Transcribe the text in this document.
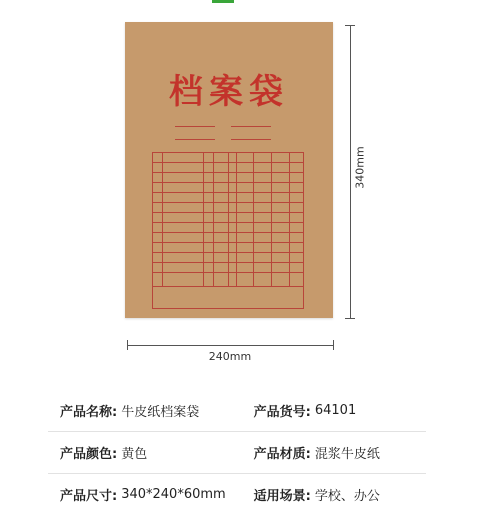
档案袋
340mm
240mm
产品名称: 牛皮纸档案袋	产品货号: 64101
产品颜色: 黄色	产品材质: 混浆牛皮纸
产品尺寸: 340*240*60mm 适用场景: 学校、办公
